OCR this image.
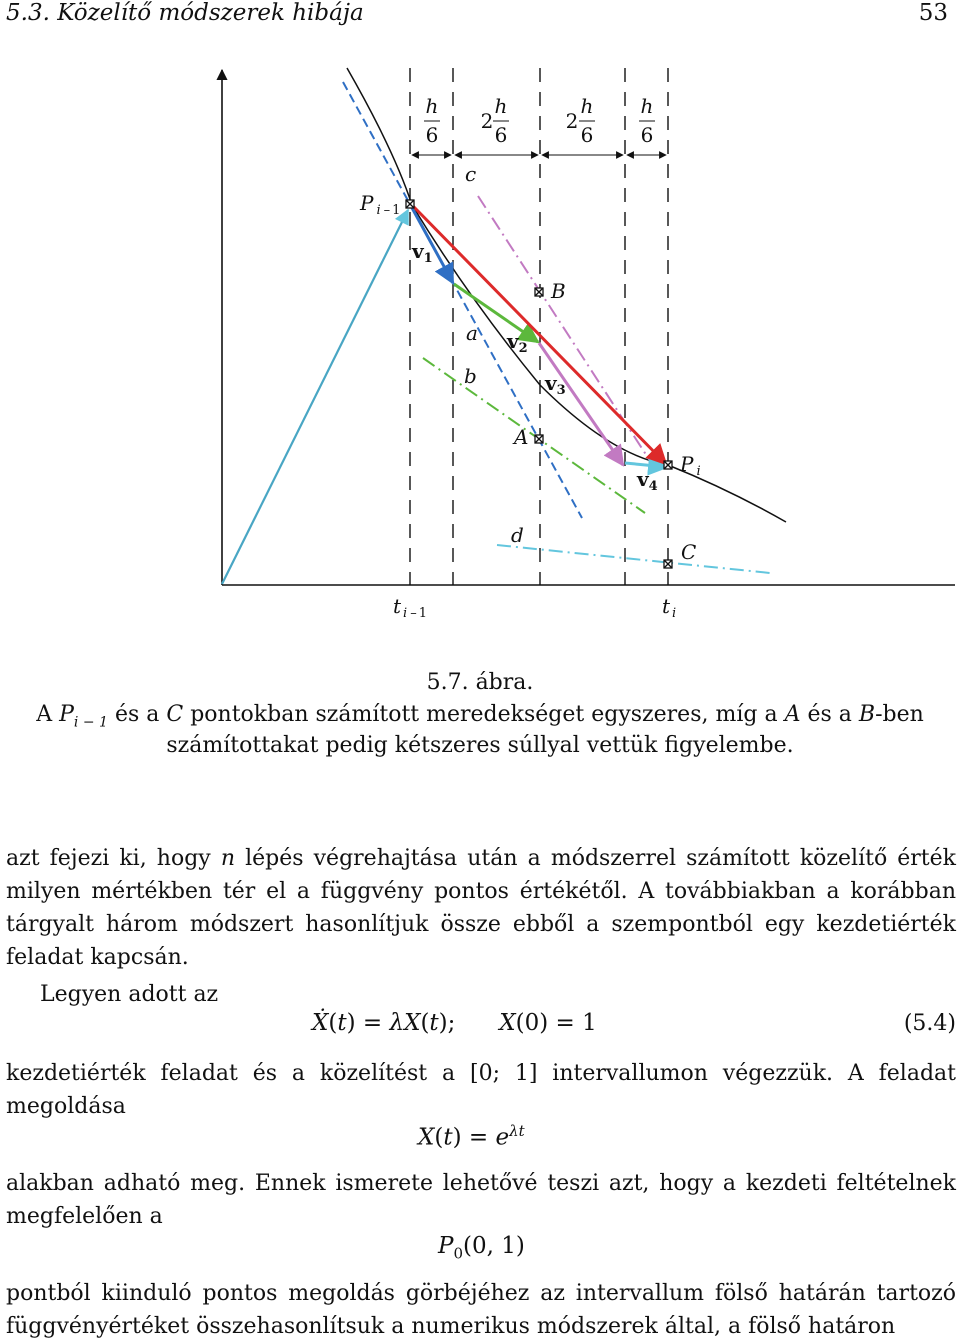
5.3. Közelítő módszerek hibája	53
h
6
2
h
6
2
h
6
h
6
P $_i$ – 1
c
$v_1$
B
a $v_2$
b	$v_3$
A
P $_i$
$v_4$
d
C
t $_i$ – 1	t $_i$
5.7. ábra.
A $P_{i - 1}$ és a C pontokban számított meredekséget egyszeres, míg a A és a B-ben
számítottakat pedig kétszeres súllyal vettük figyelembe.
azt fejezi ki, hogy n lépés végrehajtása után a módszerrel számított közelítő érték milyen mértékben tér el a függvény pontos értékétől. A továbbiakban a korábban tárgyalt három módszert hasonlítjuk össze ebből a szempontból egy kezdetiérték feladat kapcsán.
Legyen adott az
Ẋ(t) = λX(t); X(0) = 1	(5.4)
kezdetiérték feladat és a közelítést a [0; 1] intervallumon végezzük. A feladat megoldása
$X(t) = e^{\lambda t}$
alakban adható meg. Ennek ismerete lehetővé teszi azt, hogy a kezdeti feltételnek megfelelően a
$P_0(0$, 1)
pontból kiinduló pontos megoldás görbéjéhez az intervallum fölső határán tartozó függvényértéket összehasonlítsuk a numerikus módszerek által, a fölső határon
